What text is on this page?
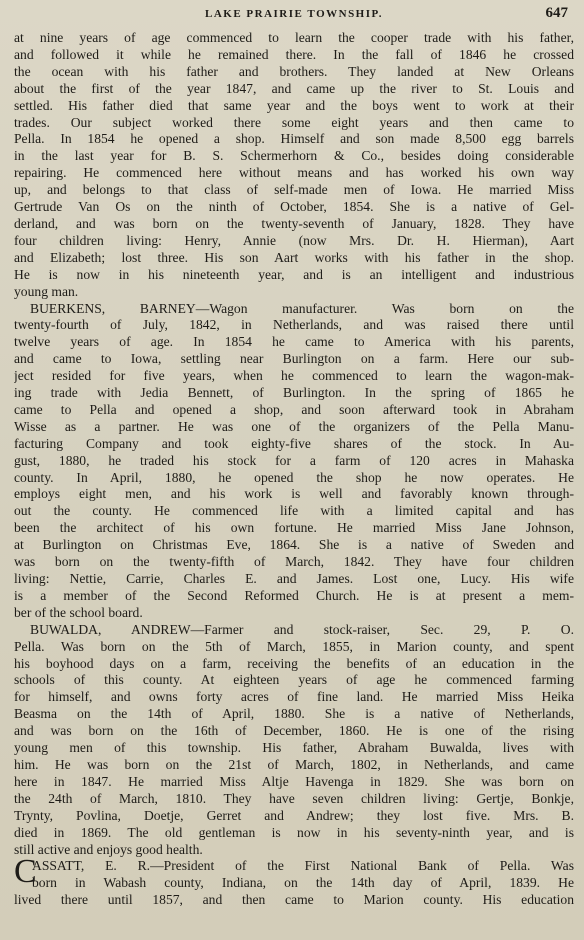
LAKE PRAIRIE TOWNSHIP.	647
at nine years of age commenced to learn the cooper trade with his father,
and followed it while he remained there. In the fall of 1846 he crossed
the ocean with his father and brothers. They landed at New Orleans
about the first of the year 1847, and came up the river to St. Louis and
settled. His father died that same year and the boys went to work at their
trades. Our subject worked there some eight years and then came to
Pella. In 1854 he opened a shop. Himself and son made 8,500 egg barrels
in the last year for B. S. Schermerhorn & Co., besides doing considerable
repairing. He commenced here without means and has worked his own way
up, and belongs to that class of self-made men of Iowa. He married Miss
Gertrude Van Os on the ninth of October, 1854. She is a native of Gel-
derland, and was born on the twenty-seventh of January, 1828. They have
four children living: Henry, Annie (now Mrs. Dr. H. Hierman), Aart
and Elizabeth; lost three. His son Aart works with his father in the shop.
He is now in his nineteenth year, and is an intelligent and industrious
young man.
BUERKENS, BARNEY—Wagon manufacturer. Was born on the
twenty-fourth of July, 1842, in Netherlands, and was raised there until
twelve years of age. In 1854 he came to America with his parents,
and came to Iowa, settling near Burlington on a farm. Here our sub-
ject resided for five years, when he commenced to learn the wagon-mak-
ing trade with Jedia Bennett, of Burlington. In the spring of 1865 he
came to Pella and opened a shop, and soon afterward took in Abraham
Wisse as a partner. He was one of the organizers of the Pella Manu-
facturing Company and took eighty-five shares of the stock. In Au-
gust, 1880, he traded his stock for a farm of 120 acres in Mahaska
county. In April, 1880, he opened the shop he now operates. He
employs eight men, and his work is well and favorably known through-
out the county. He commenced life with a limited capital and has
been the architect of his own fortune. He married Miss Jane Johnson,
at Burlington on Christmas Eve, 1864. She is a native of Sweden and
was born on the twenty-fifth of March, 1842. They have four children
living: Nettie, Carrie, Charles E. and James. Lost one, Lucy. His wife
is a member of the Second Reformed Church. He is at present a mem-
ber of the school board.
BUWALDA, ANDREW—Farmer and stock-raiser, Sec. 29, P. O.
Pella. Was born on the 5th of March, 1855, in Marion county, and spent
his boyhood days on a farm, receiving the benefits of an education in the
schools of this county. At eighteen years of age he commenced farming
for himself, and owns forty acres of fine land. He married Miss Heika
Beasma on the 14th of April, 1880. She is a native of Netherlands,
and was born on the 16th of December, 1860. He is one of the rising
young men of this township. His father, Abraham Buwalda, lives with
him. He was born on the 21st of March, 1802, in Netherlands, and came
here in 1847. He married Miss Altje Havenga in 1829. She was born on
the 24th of March, 1810. They have seven children living: Gertje, Bonkje,
Trynty, Povlina, Doetje, Gerret and Andrew; they lost five. Mrs. B.
died in 1869. The old gentleman is now in his seventy-ninth year, and is
still active and enjoys good health.
C
ASSATT, E. R.—President of the First National Bank of Pella. Was
born in Wabash county, Indiana, on the 14th day of April, 1839. He
lived there until 1857, and then came to Marion county. His education
